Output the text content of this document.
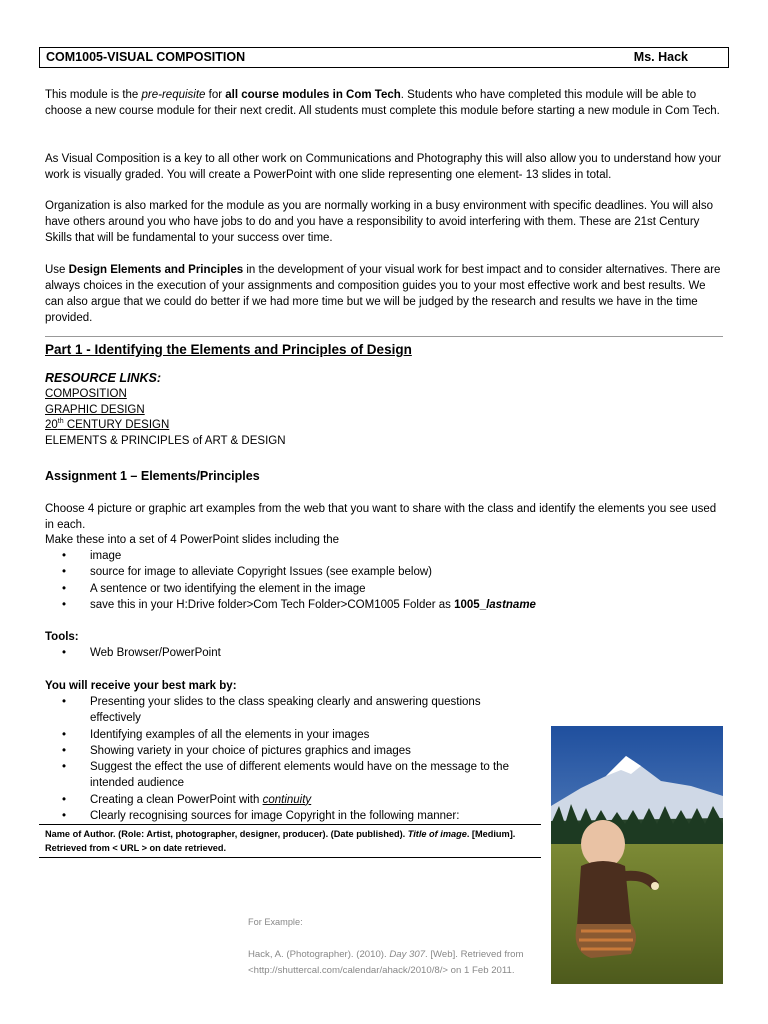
COM1005-VISUAL COMPOSITION	Ms. Hack

This module is the pre-requisite for all course modules in Com Tech. Students who have completed this module will be able to choose a new course module for their next credit. All students must complete this module before starting a new module in Com Tech.

As Visual Composition is a key to all other work on Communications and Photography this will also allow you to understand how your work is visually graded. You will create a PowerPoint with one slide representing one element- 13 slides in total.

Organization is also marked for the module as you are normally working in a busy environment with specific deadlines. You will also have others around you who have jobs to do and you have a responsibility to avoid interfering with them. These are 21st Century Skills that will be fundamental to your success over time.

Use Design Elements and Principles in the development of your visual work for best impact and to consider alternatives. There are always choices in the execution of your assignments and composition guides you to your most effective work and best results. We can also argue that we could do better if we had more time but we will be judged by the research and results we have in the time provided.

Part 1 - Identifying the Elements and Principles of Design
RESOURCE LINKS:
COMPOSITION
GRAPHIC DESIGN
20th CENTURY DESIGN
ELEMENTS & PRINCIPLES of ART & DESIGN
Assignment 1 – Elements/Principles

Choose 4 picture or graphic art examples from the web that you want to share with the class and identify the elements you see used in each.

Make these into a set of 4 PowerPoint slides including the

• image
• source for image to alleviate Copyright Issues (see example below)
• A sentence or two identifying the element in the image
• save this in your H:Drive folder>Com Tech Folder>COM1005 Folder as 1005_lastname
Tools:
• Web Browser/PowerPoint
You will receive your best mark by:
• Presenting your slides to the class speaking clearly and answering questions effectively
• Identifying examples of all the elements in your images
• Showing variety in your choice of pictures graphics and images
• Suggest the effect the use of different elements would have on the message to the intended audience
• Creating a clean PowerPoint with continuity
• Clearly recognising sources for image Copyright in the following manner:
Name of Author. (Role: Artist, photographer, designer, producer). (Date published). Title of image. [Medium]. Retrieved from < URL > on date retrieved.
For Example:
Hack, A. (Photographer). (2010). Day 307. [Web]. Retrieved from <http://shuttercal.com/calendar/ahack/2010/8/> on 1 Feb 2011.
